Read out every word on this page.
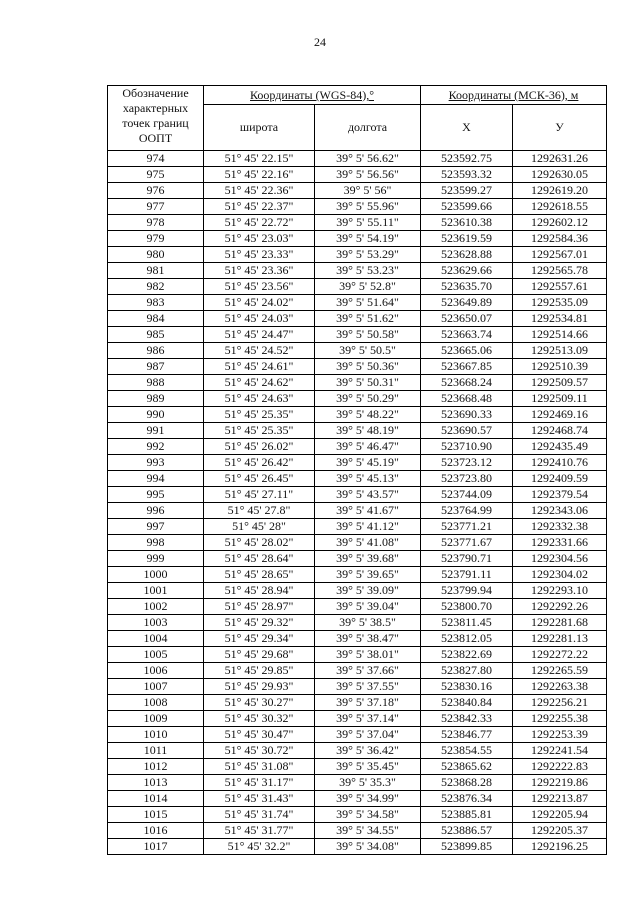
24
Обозначение характерных точек границ ООПТ	Координаты (WGS-84),°		Координаты (МСК-36), м	
	широта	долгота	X	У
974	51° 45' 22.15"	39° 5' 56.62"	523592.75	1292631.26
975	51° 45' 22.16"	39° 5' 56.56"	523593.32	1292630.05
976	51° 45' 22.36"	39° 5' 56"	523599.27	1292619.20
977	51° 45' 22.37"	39° 5' 55.96"	523599.66	1292618.55
978	51° 45' 22.72"	39° 5' 55.11"	523610.38	1292602.12
979	51° 45' 23.03"	39° 5' 54.19"	523619.59	1292584.36
980	51° 45' 23.33"	39° 5' 53.29"	523628.88	1292567.01
981	51° 45' 23.36"	39° 5' 53.23"	523629.66	1292565.78
982	51° 45' 23.56"	39° 5' 52.8"	523635.70	1292557.61
983	51° 45' 24.02"	39° 5' 51.64"	523649.89	1292535.09
984	51° 45' 24.03"	39° 5' 51.62"	523650.07	1292534.81
985	51° 45' 24.47"	39° 5' 50.58"	523663.74	1292514.66
986	51° 45' 24.52"	39° 5' 50.5"	523665.06	1292513.09
987	51° 45' 24.61"	39° 5' 50.36"	523667.85	1292510.39
988	51° 45' 24.62"	39° 5' 50.31"	523668.24	1292509.57
989	51° 45' 24.63"	39° 5' 50.29"	523668.48	1292509.11
990	51° 45' 25.35"	39° 5' 48.22"	523690.33	1292469.16
991	51° 45' 25.35"	39° 5' 48.19"	523690.57	1292468.74
992	51° 45' 26.02"	39° 5' 46.47"	523710.90	1292435.49
993	51° 45' 26.42"	39° 5' 45.19"	523723.12	1292410.76
994	51° 45' 26.45"	39° 5' 45.13"	523723.80	1292409.59
995	51° 45' 27.11"	39° 5' 43.57"	523744.09	1292379.54
996	51° 45' 27.8"	39° 5' 41.67"	523764.99	1292343.06
997	51° 45' 28"	39° 5' 41.12"	523771.21	1292332.38
998	51° 45' 28.02"	39° 5' 41.08"	523771.67	1292331.66
999	51° 45' 28.64"	39° 5' 39.68"	523790.71	1292304.56
1000	51° 45' 28.65"	39° 5' 39.65"	523791.11	1292304.02
1001	51° 45' 28.94"	39° 5' 39.09"	523799.94	1292293.10
1002	51° 45' 28.97"	39° 5' 39.04"	523800.70	1292292.26
1003	51° 45' 29.32"	39° 5' 38.5"	523811.45	1292281.68
1004	51° 45' 29.34"	39° 5' 38.47"	523812.05	1292281.13
1005	51° 45' 29.68"	39° 5' 38.01"	523822.69	1292272.22
1006	51° 45' 29.85"	39° 5' 37.66"	523827.80	1292265.59
1007	51° 45' 29.93"	39° 5' 37.55"	523830.16	1292263.38
1008	51° 45' 30.27"	39° 5' 37.18"	523840.84	1292256.21
1009	51° 45' 30.32"	39° 5' 37.14"	523842.33	1292255.38
1010	51° 45' 30.47"	39° 5' 37.04"	523846.77	1292253.39
1011	51° 45' 30.72"	39° 5' 36.42"	523854.55	1292241.54
1012	51° 45' 31.08"	39° 5' 35.45"	523865.62	1292222.83
1013	51° 45' 31.17"	39° 5' 35.3"	523868.28	1292219.86
1014	51° 45' 31.43"	39° 5' 34.99"	523876.34	1292213.87
1015	51° 45' 31.74"	39° 5' 34.58"	523885.81	1292205.94
1016	51° 45' 31.77"	39° 5' 34.55"	523886.57	1292205.37
1017	51° 45' 32.2"	39° 5' 34.08"	523899.85	1292196.25
